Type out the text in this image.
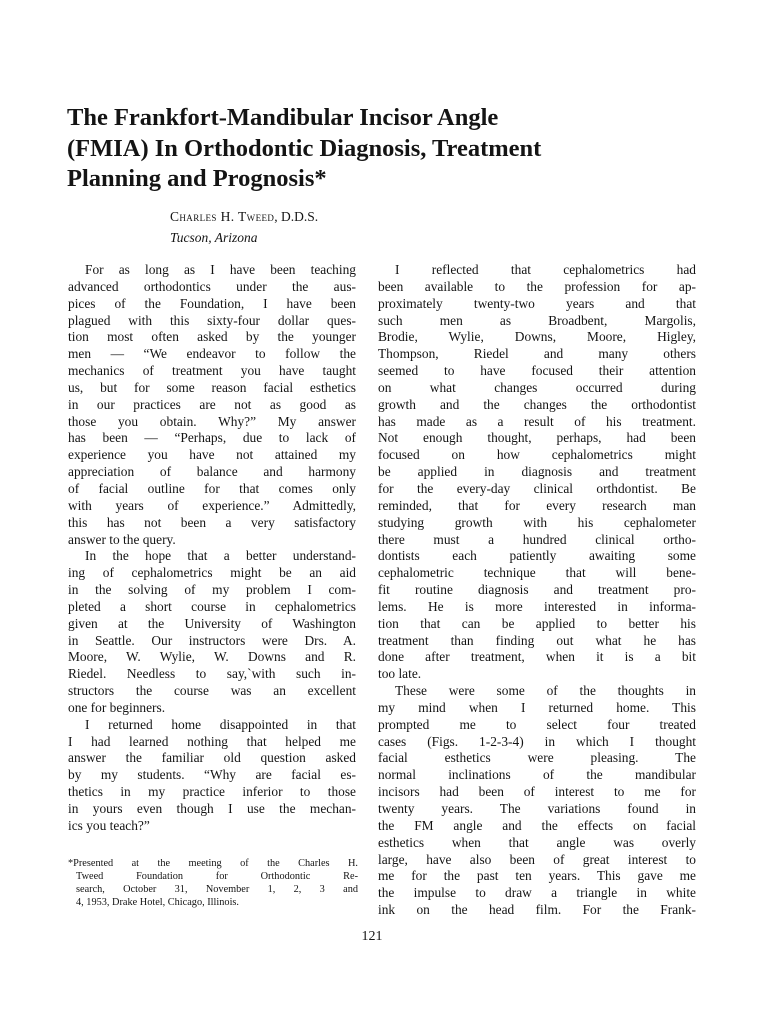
The Frankfort-Mandibular Incisor Angle
(FMIA) In Orthodontic Diagnosis, Treatment
Planning and Prognosis*
Charles H. Tweed, D.D.S.
Tucson, Arizona
For as long as I have been teaching
advanced orthodontics under the aus-
pices of the Foundation, I have been
plagued with this sixty-four dollar ques-
tion most often asked by the younger
men — “We endeavor to follow the
mechanics of treatment you have taught
us, but for some reason facial esthetics
in our practices are not as good as
those you obtain. Why?” My answer
has been — “Perhaps, due to lack of
experience you have not attained my
appreciation of balance and harmony
of facial outline for that comes only
with years of experience.” Admittedly,
this has not been a very satisfactory
answer to the query.
In the hope that a better understand-
ing of cephalometrics might be an aid
in the solving of my problem I com-
pleted a short course in cephalometrics
given at the University of Washington
in Seattle. Our instructors were Drs. A.
Moore, W. Wylie, W. Downs and R.
Riedel. Needless to say,`with such in-
structors the course was an excellent
one for beginners.
I returned home disappointed in that
I had learned nothing that helped me
answer the familiar old question asked
by my students. “Why are facial es-
thetics in my practice inferior to those
in yours even though I use the mechan-
ics you teach?”
I reflected that cephalometrics had
been available to the profession for ap-
proximately twenty-two years and that
such men as Broadbent, Margolis,
Brodie, Wylie, Downs, Moore, Higley,
Thompson, Riedel and many others
seemed to have focused their attention
on what changes occurred during
growth and the changes the orthodontist
has made as a result of his treatment.
Not enough thought, perhaps, had been
focused on how cephalometrics might
be applied in diagnosis and treatment
for the every-day clinical orthdontist. Be
reminded, that for every research man
studying growth with his cephalometer
there must a hundred clinical ortho-
dontists each patiently awaiting some
cephalometric technique that will bene-
fit routine diagnosis and treatment pro-
lems. He is more interested in informa-
tion that can be applied to better his
treatment than finding out what he has
done after treatment, when it is a bit
too late.
These were some of the thoughts in
my mind when I returned home. This
prompted me to select four treated
cases (Figs. 1-2-3-4) in which I thought
facial esthetics were pleasing. The
normal inclinations of the mandibular
incisors had been of interest to me for
twenty years. The variations found in
the FM angle and the effects on facial
esthetics when that angle was overly
large, have also been of great interest to
me for the past ten years. This gave me
the impulse to draw a triangle in white
ink on the head film. For the Frank-
*Presented at the meeting of the Charles H.
Tweed Foundation for Orthodontic Re-
search, October 31, November 1, 2, 3 and
4, 1953, Drake Hotel, Chicago, Illinois.
121
